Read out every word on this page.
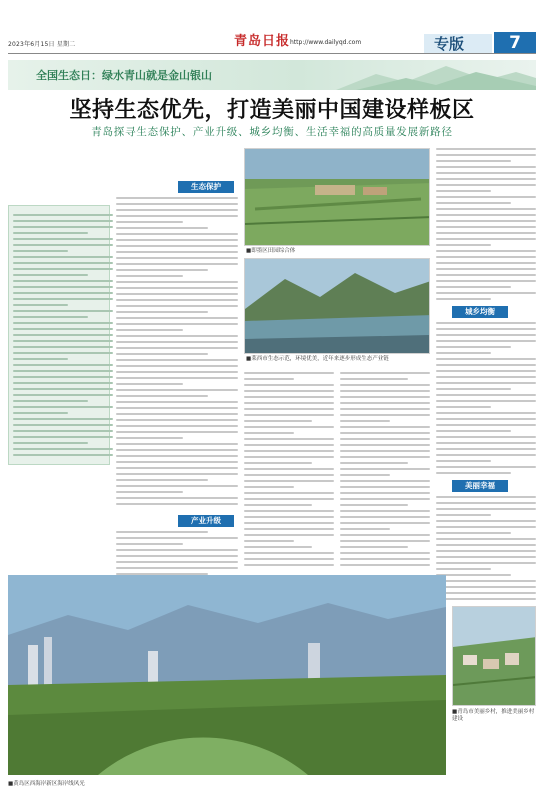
2023年6月15日 星期二	青岛日报 http://www.dailyqd.com	专版	7
全国生态日：绿水青山就是金山银山
坚持生态优先，打造美丽中国建设样板区
青岛探寻生态保护、产业升级、城乡均衡、生活幸福的高质量发展新路径
生态保护
产业升级
■即墨区田园综合体
■莱西市生态示范，环境优美，近年来逐步形成生态产业链
城乡均衡
美丽幸福
■青岛市美丽乡村，推进美丽乡村建设
■黄岛区西海岸新区海岸线风光
